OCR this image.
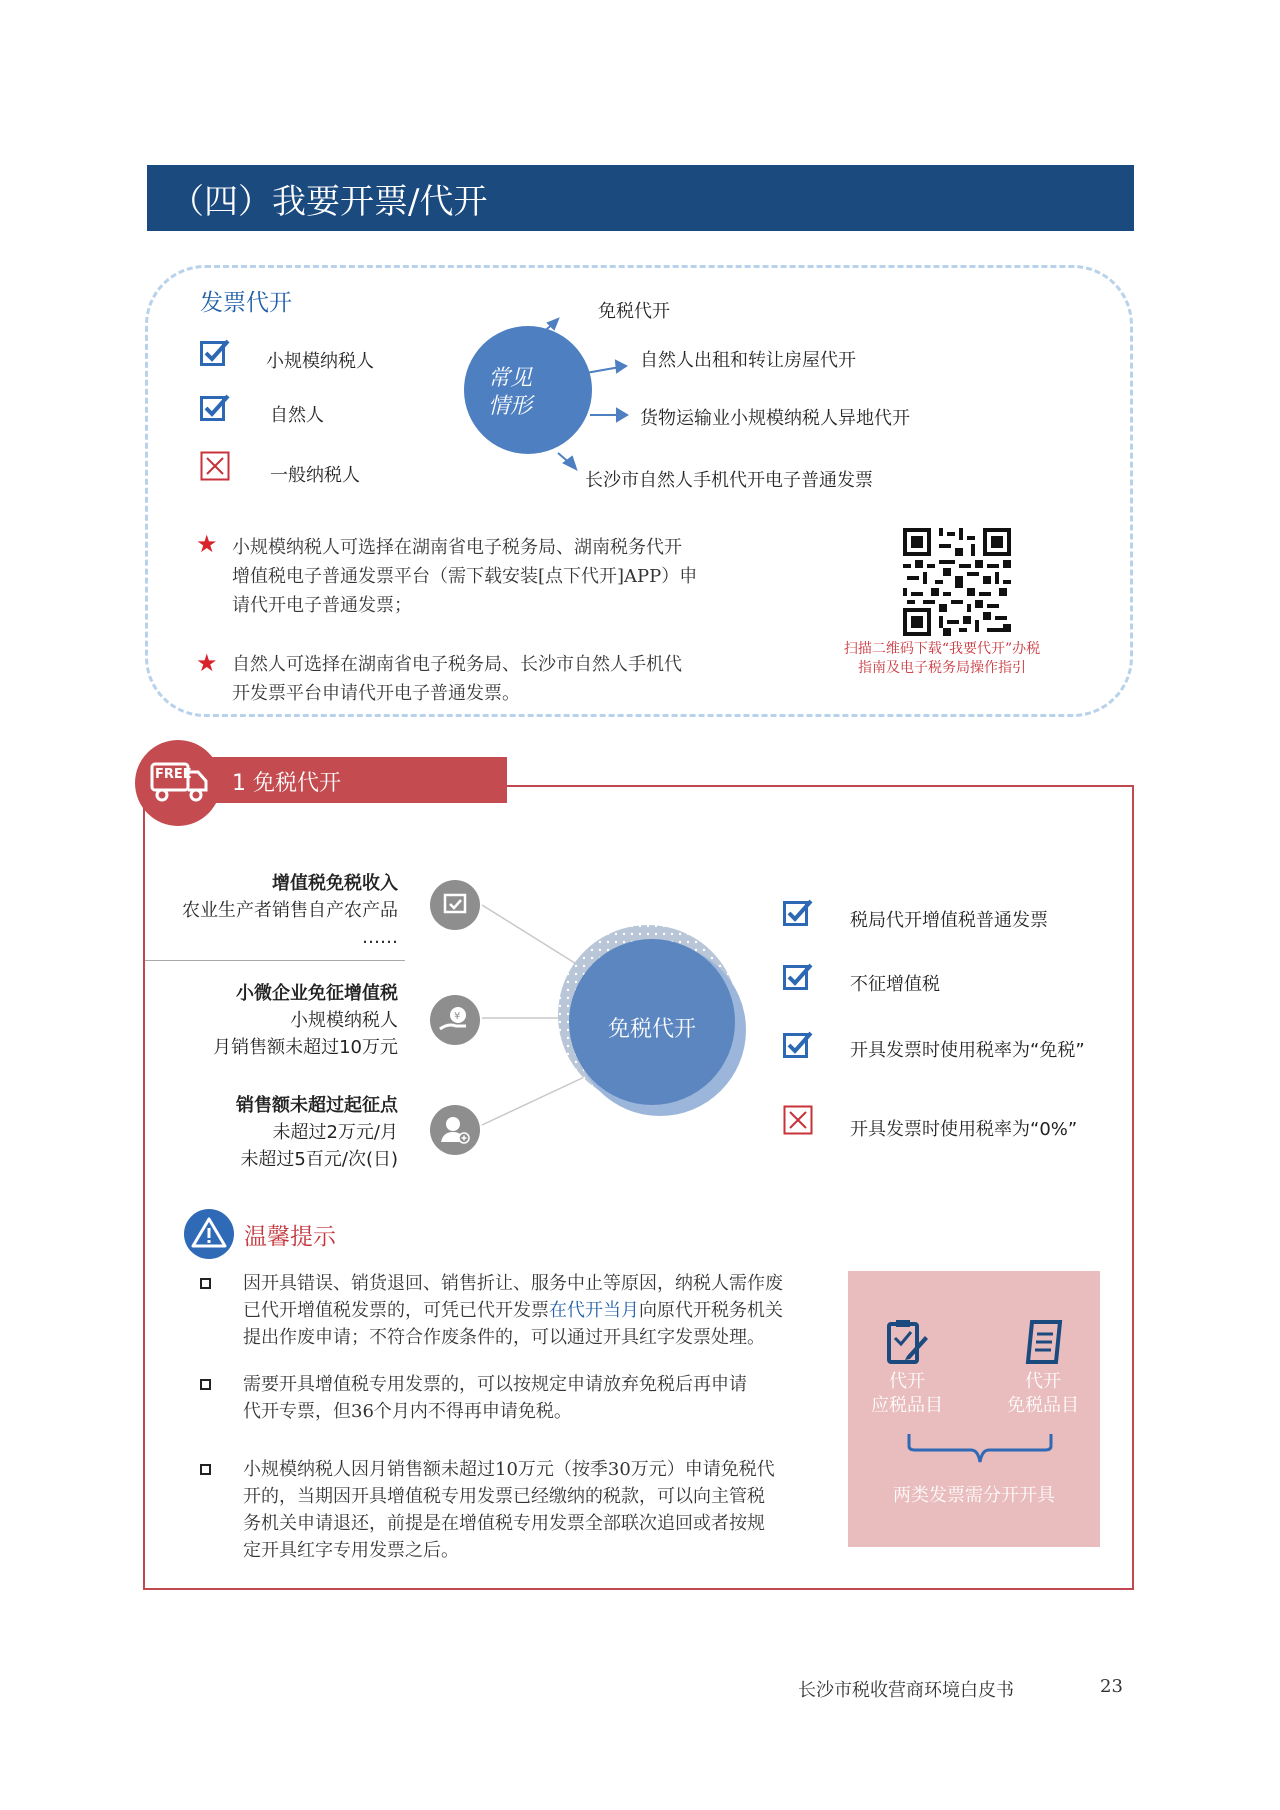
（四）我要开票/代开
发票代开
小规模纳税人
自然人
一般纳税人
常见
情形
免税代开
自然人出租和转让房屋代开
货物运输业小规模纳税人异地代开
长沙市自然人手机代开电子普通发票
★ 小规模纳税人可选择在湖南省电子税务局、湖南税务代开
增值税电子普通发票平台（需下载安装[点下代开]APP）申
请代开电子普通发票；
★ 自然人可选择在湖南省电子税务局、长沙市自然人手机代
开发票平台申请代开电子普通发票。
扫描二维码下载“我要代开”办税
指南及电子税务局操作指引
1 免税代开
FREE
免税代开
增值税免税收入
农业生产者销售自产农产品
……
小微企业免征增值税
小规模纳税人
月销售额未超过10万元
销售额未超过起征点
未超过2万元/月
未超过5百元/次(日)
¥
税局代开增值税普通发票
不征增值税
开具发票时使用税率为“免税”
开具发票时使用税率为“0%”
温馨提示
因开具错误、销货退回、销售折让、服务中止等原因，纳税人需作废
已代开增值税发票的，可凭已代开发票在代开当月向原代开税务机关
提出作废申请；不符合作废条件的，可以通过开具红字发票处理。
需要开具增值税专用发票的，可以按规定申请放弃免税后再申请
代开专票，但36个月内不得再申请免税。
小规模纳税人因月销售额未超过10万元（按季30万元）申请免税代
开的，当期因开具增值税专用发票已经缴纳的税款，可以向主管税
务机关申请退还，前提是在增值税专用发票全部联次追回或者按规
定开具红字专用发票之后。
代开
应税品目
代开
免税品目
两类发票需分开开具
长沙市税收营商环境白皮书	23
